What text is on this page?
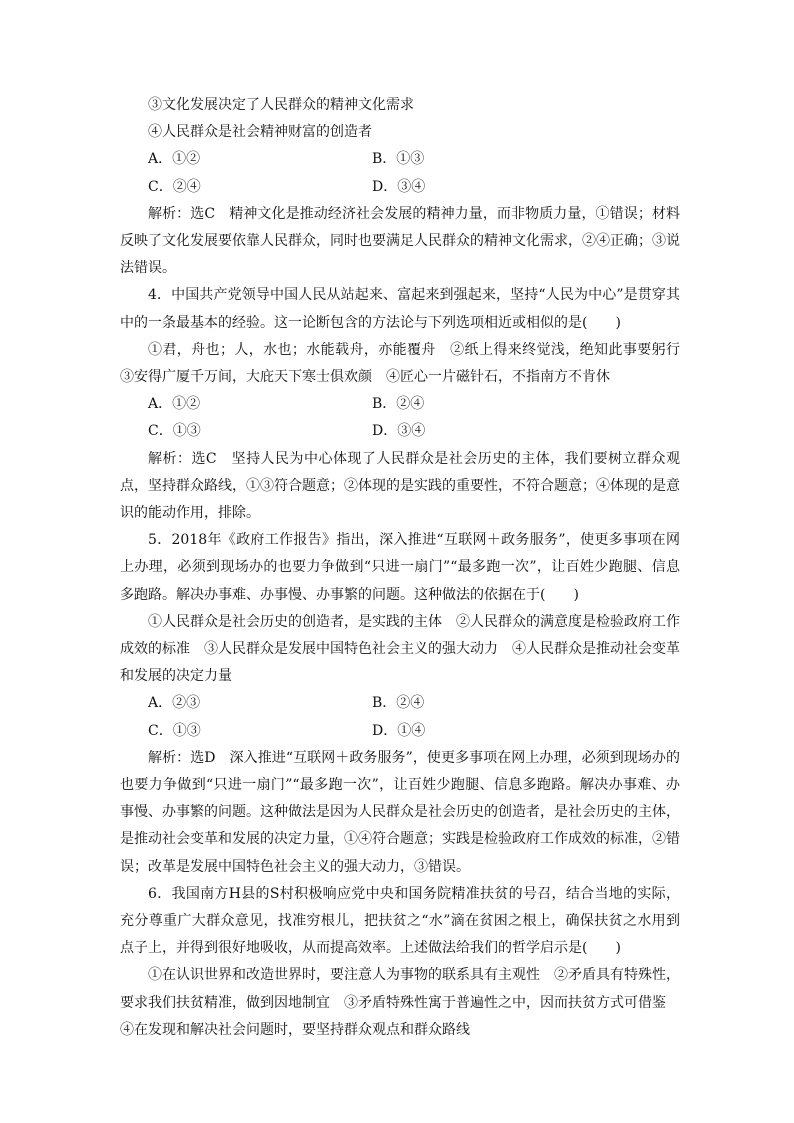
③文化发展决定了人民群众的精神文化需求
④人民群众是社会精神财富的创造者
A．①②	B．①③
C．②④	D．③④
解析：选C　精神文化是推动经济社会发展的精神力量，而非物质力量，①错误；材料反映了文化发展要依靠人民群众，同时也要满足人民群众的精神文化需求，②④正确；③说法错误。
4．中国共产党领导中国人民从站起来、富起来到强起来，坚持“人民为中心”是贯穿其中的一条最基本的经验。这一论断包含的方法论与下列选项相近或相似的是(　　)
①君，舟也；人，水也；水能载舟，亦能覆舟　②纸上得来终觉浅，绝知此事要躬行　③安得广厦千万间，大庇天下寒士俱欢颜　④匠心一片磁针石，不指南方不肯休
A．①②	B．②④
C．①③	D．③④
解析：选C　坚持人民为中心体现了人民群众是社会历史的主体，我们要树立群众观点，坚持群众路线，①③符合题意；②体现的是实践的重要性，不符合题意；④体现的是意识的能动作用，排除。
5．2018年《政府工作报告》指出，深入推进“互联网＋政务服务”，使更多事项在网上办理，必须到现场办的也要力争做到“只进一扇门”“最多跑一次”，让百姓少跑腿、信息多跑路。解决办事难、办事慢、办事繁的问题。这种做法的依据在于(　　)
①人民群众是社会历史的创造者，是实践的主体　②人民群众的满意度是检验政府工作成效的标准　③人民群众是发展中国特色社会主义的强大动力　④人民群众是推动社会变革和发展的决定力量
A．②③	B．②④
C．①③	D．①④
解析：选D　深入推进“互联网＋政务服务”，使更多事项在网上办理，必须到现场办的也要力争做到“只进一扇门”“最多跑一次”，让百姓少跑腿、信息多跑路。解决办事难、办事慢、办事繁的问题。这种做法是因为人民群众是社会历史的创造者，是社会历史的主体，是推动社会变革和发展的决定力量，①④符合题意；实践是检验政府工作成效的标准，②错误；改革是发展中国特色社会主义的强大动力，③错误。
6．我国南方H县的S村积极响应党中央和国务院精准扶贫的号召，结合当地的实际，充分尊重广大群众意见，找准穷根儿，把扶贫之“水”滴在贫困之根上，确保扶贫之水用到点子上，并得到很好地吸收，从而提高效率。上述做法给我们的哲学启示是(　　)
①在认识世界和改造世界时，要注意人为事物的联系具有主观性　②矛盾具有特殊性，要求我们扶贫精准，做到因地制宜　③矛盾特殊性寓于普遍性之中，因而扶贫方式可借鉴
④在发现和解决社会问题时，要坚持群众观点和群众路线
